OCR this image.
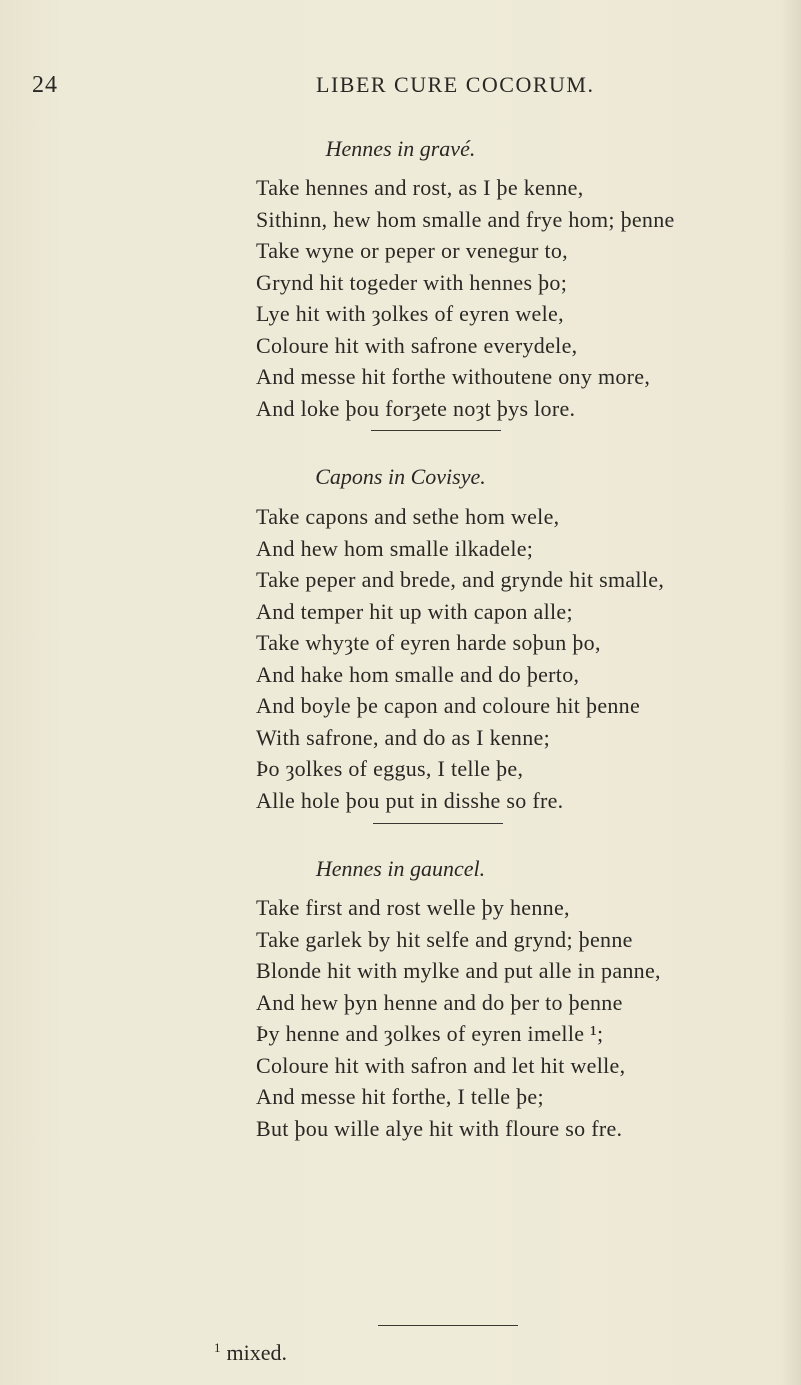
24	LIBER CURE COCORUM.
Hennes in gravé.
Take hennes and rost, as I þe kenne,
Sithinn, hew hom smalle and frye hom; þenne
Take wyne or peper or venegur to,
Grynd hit togeder with hennes þo;
Lye hit with ȝolkes of eyren wele,
Coloure hit with safrone everydele,
And messe hit forthe withoutene ony more,
And loke þou forȝete noȝt þys lore.
Capons in Covisye.
Take capons and sethe hom wele,
And hew hom smalle ilkadele;
Take peper and brede, and grynde hit smalle,
And temper hit up with capon alle;
Take whyȝte of eyren harde soþun þo,
And hake hom smalle and do þerto,
And boyle þe capon and coloure hit þenne
With safrone, and do as I kenne;
Þo ȝolkes of eggus, I telle þe,
Alle hole þou put in disshe so fre.
Hennes in gauncel.
Take first and rost welle þy henne,
Take garlek by hit selfe and grynd; þenne
Blonde hit with mylke and put alle in panne,
And hew þyn henne and do þer to þenne
Þy henne and ȝolkes of eyren imelle ¹;
Coloure hit with safron and let hit welle,
And messe hit forthe, I telle þe;
But þou wille alye hit with floure so fre.
$^1$ mixed.
